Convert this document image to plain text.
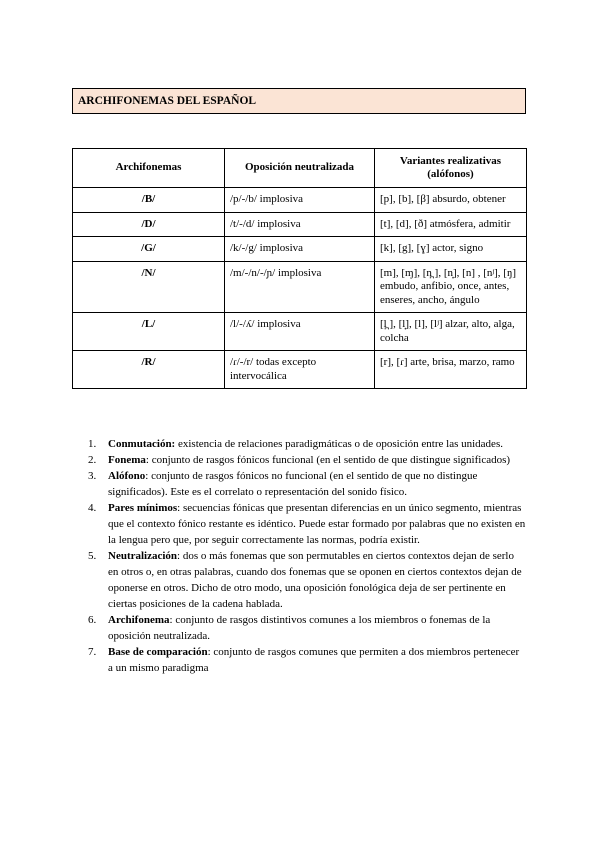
ARCHIFONEMAS DEL ESPAÑOL
Archifonemas	Oposición neutralizada	Variantes realizativas (alófonos)
/B/	/p/-/b/ implosiva	[p], [b], [β] absurdo, obtener
/D/	/t/-/d/ implosiva	[t], [d], [ð] atmósfera, admitir
/G/	/k/-/g/ implosiva	[k], [g], [ɣ] actor, signo
/N/	/m/-/n/-/ɲ/ implosiva	[m], [ɱ], [n̪ ], [n̟], [n] , [nʲ], [ŋ] embudo, anfibio, once, antes, enseres, ancho, ángulo
/L/	/l/-/ʎ/ implosiva	[l̪ ], [l̟], [l], [lʲ] alzar, alto, alga, colcha
/R/	/ɾ/-/r/ todas excepto intervocálica	[r], [ɾ] arte, brisa, marzo, ramo
1. Conmutación: existencia de relaciones paradigmáticas o de oposición entre las unidades.
2. Fonema: conjunto de rasgos fónicos funcional (en el sentido de que distingue significados)
3. Alófono: conjunto de rasgos fónicos no funcional (en el sentido de que no distingue significados). Este es el correlato o representación del sonido físico.
4. Pares mínimos: secuencias fónicas que presentan diferencias en un único segmento, mientras que el contexto fónico restante es idéntico. Puede estar formado por palabras que no existen en la lengua pero que, por seguir correctamente las normas, podría existir.
5. Neutralización: dos o más fonemas que son permutables en ciertos contextos dejan de serlo en otros o, en otras palabras, cuando dos fonemas que se oponen en ciertos contextos dejan de oponerse en otros. Dicho de otro modo, una oposición fonológica deja de ser pertinente en ciertas posiciones de la cadena hablada.
6. Archifonema: conjunto de rasgos distintivos comunes a los miembros o fonemas de la oposición neutralizada.
7. Base de comparación: conjunto de rasgos comunes que permiten a dos miembros pertenecer a un mismo paradigma
